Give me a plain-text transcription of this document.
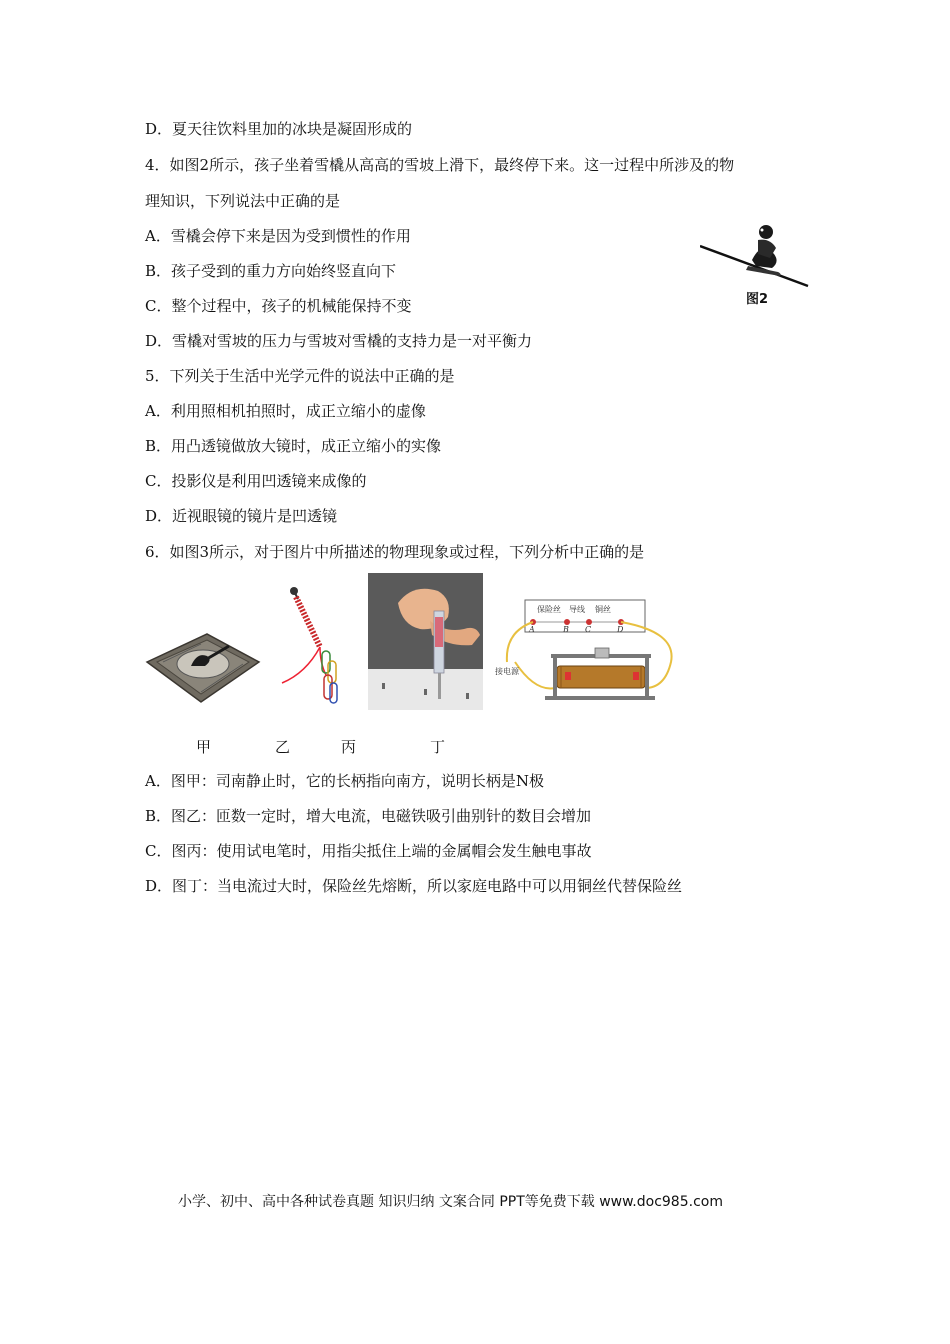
D．夏天往饮料里加的冰块是凝固形成的
4．如图2所示，孩子坐着雪橇从高高的雪坡上滑下，最终停下来。这一过程中所涉及的物
理知识，下列说法中正确的是
A．雪橇会停下来是因为受到惯性的作用
B．孩子受到的重力方向始终竖直向下
C．整个过程中，孩子的机械能保持不变
D．雪橇对雪坡的压力与雪坡对雪橇的支持力是一对平衡力
5．下列关于生活中光学元件的说法中正确的是
A．利用照相机拍照时，成正立缩小的虚像
B．用凸透镜做放大镜时，成正立缩小的实像
C．投影仪是利用凹透镜来成像的
D．近视眼镜的镜片是凹透镜
6．如图3所示，对于图片中所描述的物理现象或过程，下列分析中正确的是
A．图甲：司南静止时，它的长柄指向南方，说明长柄是N极
B．图乙：匝数一定时，增大电流，电磁铁吸引曲别针的数目会增加
C．图丙：使用试电笔时，用指尖抵住上端的金属帽会发生触电事故
D．图丁：当电流过大时，保险丝先熔断，所以家庭电路中可以用铜丝代替保险丝
图2
保险丝 导线 铜丝
A	B C	D
接电源
甲	乙	丙	丁
小学、初中、高中各种试卷真题 知识归纳 文案合同 PPT等免费下载 www.doc985.com
